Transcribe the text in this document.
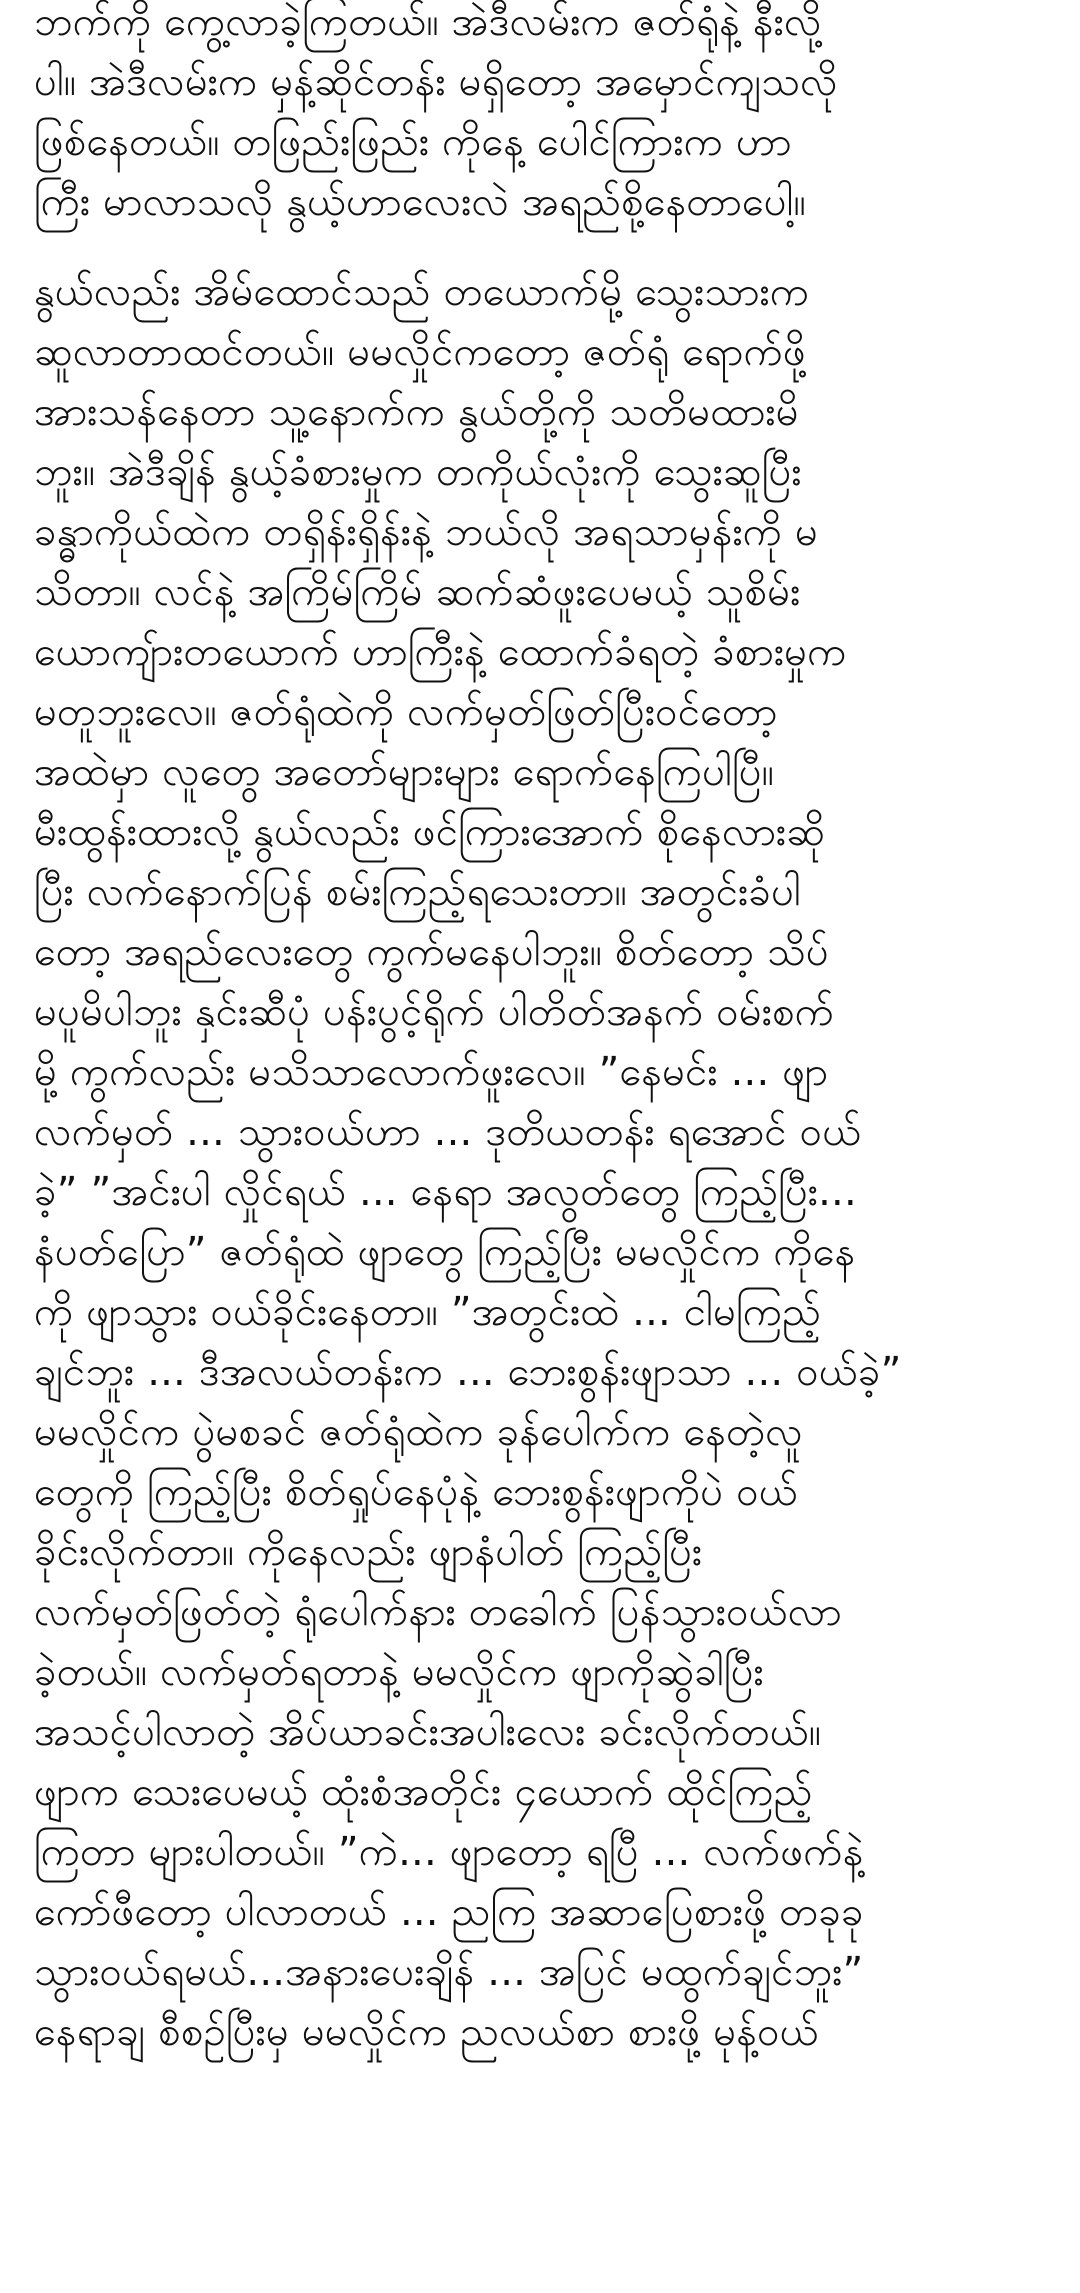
ဘက်ကို ကွေ့လာခဲ့ကြတယ်။ အဲဒီလမ်းက ဇတ်ရုံနဲ့ နီးလို့
ပါ။ အဲဒီလမ်းက မှန့်ဆိုင်တန်း မရှိတော့ အမှောင်ကျသလို
ဖြစ်နေတယ်။ တဖြည်းဖြည်း ကိုနေ့ ပေါင်ကြားက ဟာ
ကြီး မာလာသလို နွယ့်ဟာလေးလဲ အရည်စို့နေတာပေါ့။
နွယ်လည်း အိမ်ထောင်သည် တယောက်မို့ သွေးသားက
ဆူလာတာထင်တယ်။ မမလှိုင်ကတော့ ဇတ်ရုံ ရောက်ဖို့
အားသန်နေတာ သူ့နောက်က နွယ်တို့ကို သတိမထားမိ
ဘူး။ အဲဒီချိန် နွယ့်ခံစားမှုက တကိုယ်လုံးကို သွေးဆူပြီး
ခန္ဓာကိုယ်ထဲက တရှိန်းရှိန်းနဲ့ ဘယ်လို အရသာမှန်းကို မ
သိတာ။ လင်နဲ့ အကြိမ်ကြိမ် ဆက်ဆံဖူးပေမယ့် သူစိမ်း
ယောကျ်ားတယောက် ဟာကြီးနဲ့ ထောက်ခံရတဲ့ ခံစားမှုက
မတူဘူးလေ။ ဇတ်ရုံထဲကို လက်မှတ်ဖြတ်ပြီးဝင်တော့
အထဲမှာ လူတွေ အတော်များများ ရောက်နေကြပါပြီ။
မီးထွန်းထားလို့ နွယ်လည်း ဖင်ကြားအောက် စိုနေလားဆို
ပြီး လက်နောက်ပြန် စမ်းကြည့်ရသေးတာ။ အတွင်းခံပါ
တော့ အရည်လေးတွေ ကွက်မနေပါဘူး။ စိတ်တော့ သိပ်
မပူမိပါဘူး နှင်းဆီပုံ ပန်းပွင့်ရိုက် ပါတိတ်အနက် ဝမ်းစက်
မို့ ကွက်လည်း မသိသာလောက်ဖူးလေ။ ”နေမင်း ... ဖျာ
လက်မှတ် ... သွားဝယ်ဟာ ... ဒုတိယတန်း ရအောင် ဝယ်
ခဲ့” ”အင်းပါ လှိုင်ရယ် ... နေရာ အလွတ်တွေ ကြည့်ပြီး...
နံပတ်ပြော” ဇတ်ရုံထဲ ဖျာတွေ ကြည့်ပြီး မမလှိုင်က ကိုနေ
ကို ဖျာသွား ဝယ်ခိုင်းနေတာ။ ”အတွင်းထဲ ... ငါမကြည့်
ချင်ဘူး ... ဒီအလယ်တန်းက ... ဘေးစွန်းဖျာသာ ... ဝယ်ခဲ့”
မမလှိုင်က ပွဲမစခင် ဇတ်ရုံထဲက ခုန်ပေါက်က နေတဲ့လူ
တွေကို ကြည့်ပြီး စိတ်ရှုပ်နေပုံနဲ့ ဘေးစွန်းဖျာကိုပဲ ဝယ်
ခိုင်းလိုက်တာ။ ကိုနေလည်း ဖျာနံပါတ် ကြည့်ပြီး
လက်မှတ်ဖြတ်တဲ့ ရုံပေါက်နား တခေါက် ပြန်သွားဝယ်လာ
ခဲ့တယ်။ လက်မှတ်ရတာနဲ့ မမလှိုင်က ဖျာကိုဆွဲခါပြီး
အသင့်ပါလာတဲ့ အိပ်ယာခင်းအပါးလေး ခင်းလိုက်တယ်။
ဖျာက သေးပေမယ့် ထုံးစံအတိုင်း ၄ယောက် ထိုင်ကြည့်
ကြတာ များပါတယ်။ ”ကဲ... ဖျာတော့ ရပြီ ... လက်ဖက်နဲ့
ကော်ဖီတော့ ပါလာတယ် ... ညကြ အဆာပြေစားဖို့ တခုခု
သွားဝယ်ရမယ်...အနားပေးချိန် ... အပြင် မထွက်ချင်ဘူး”
နေရာချ စီစဉ်ပြီးမှ မမလှိုင်က ညလယ်စာ စားဖို့ မုန့်ဝယ်
